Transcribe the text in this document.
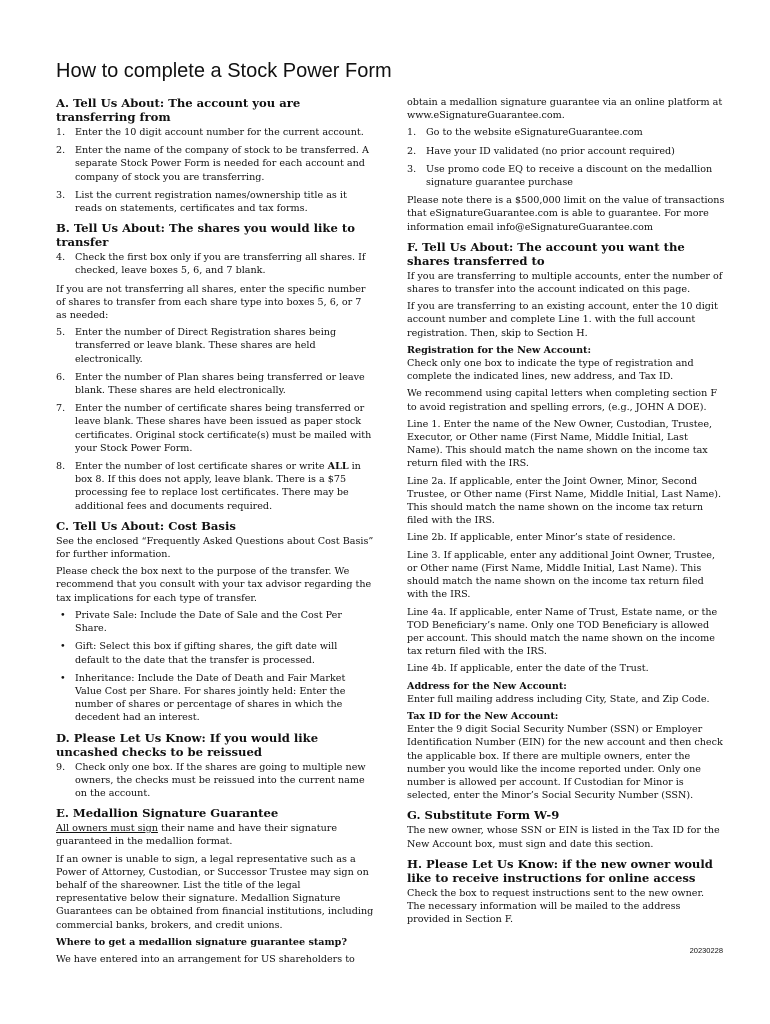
How to complete a Stock Power Form
A. Tell Us About: The account you are transferring from
1. Enter the 10 digit account number for the current account.
2. Enter the name of the company of stock to be transferred. A separate Stock Power Form is needed for each account and company of stock you are transferring.
3. List the current registration names/ownership title as it reads on statements, certificates and tax forms.
B. Tell Us About: The shares you would like to transfer
4. Check the first box only if you are transferring all shares. If checked, leave boxes 5, 6, and 7 blank.

If you are not transferring all shares, enter the specific number of shares to transfer from each share type into boxes 5, 6, or 7 as needed:

5. Enter the number of Direct Registration shares being transferred or leave blank. These shares are held electronically.
6. Enter the number of Plan shares being transferred or leave blank. These shares are held electronically.
7. Enter the number of certificate shares being transferred or leave blank. These shares have been issued as paper stock certificates. Original stock certificate(s) must be mailed with your Stock Power Form.
8. Enter the number of lost certificate shares or write ALL in box 8. If this does not apply, leave blank. There is a $75 processing fee to replace lost certificates. There may be additional fees and documents required.
C. Tell Us About: Cost Basis

See the enclosed “Frequently Asked Questions about Cost Basis” for further information.

Please check the box next to the purpose of the transfer. We recommend that you consult with your tax advisor regarding the tax implications for each type of transfer.

• Private Sale: Include the Date of Sale and the Cost Per Share.
• Gift: Select this box if gifting shares, the gift date will default to the date that the transfer is processed.
• Inheritance: Include the Date of Death and Fair Market Value Cost per Share. For shares jointly held: Enter the number of shares or percentage of shares in which the decedent had an interest.
D. Please Let Us Know: If you would like uncashed checks to be reissued
9. Check only one box. If the shares are going to multiple new owners, the checks must be reissued into the current name on the account.
E. Medallion Signature Guarantee

All owners must sign their name and have their signature guaranteed in the medallion format.

If an owner is unable to sign, a legal representative such as a Power of Attorney, Custodian, or Successor Trustee may sign on behalf of the shareowner. List the title of the legal representative below their signature. Medallion Signature Guarantees can be obtained from financial institutions, including commercial banks, brokers, and credit unions.

Where to get a medallion signature guarantee stamp?

We have entered into an arrangement for US shareholders to

obtain a medallion signature guarantee via an online platform at www.eSignatureGuarantee.com.

1. Go to the website eSignatureGuarantee.com
2. Have your ID validated (no prior account required)
3. Use promo code EQ to receive a discount on the medallion signature guarantee purchase

Please note there is a $500,000 limit on the value of transactions that eSignatureGuarantee.com is able to guarantee. For more information email info@eSignatureGuarantee.com

F. Tell Us About: The account you want the shares transferred to

If you are transferring to multiple accounts, enter the number of shares to transfer into the account indicated on this page.

If you are transferring to an existing account, enter the 10 digit account number and complete Line 1. with the full account registration. Then, skip to Section H.

Registration for the New Account:

Check only one box to indicate the type of registration and complete the indicated lines, new address, and Tax ID.

We recommend using capital letters when completing section F to avoid registration and spelling errors, (e.g., JOHN A DOE).

Line 1. Enter the name of the New Owner, Custodian, Trustee, Executor, or Other name (First Name, Middle Initial, Last Name). This should match the name shown on the income tax return filed with the IRS.

Line 2a. If applicable, enter the Joint Owner, Minor, Second Trustee, or Other name (First Name, Middle Initial, Last Name). This should match the name shown on the income tax return filed with the IRS.

Line 2b. If applicable, enter Minor’s state of residence.

Line 3. If applicable, enter any additional Joint Owner, Trustee, or Other name (First Name, Middle Initial, Last Name). This should match the name shown on the income tax return filed with the IRS.

Line 4a. If applicable, enter Name of Trust, Estate name, or the TOD Beneficiary’s name. Only one TOD Beneficiary is allowed per account. This should match the name shown on the income tax return filed with the IRS.

Line 4b. If applicable, enter the date of the Trust.

Address for the New Account:

Enter full mailing address including City, State, and Zip Code.

Tax ID for the New Account:

Enter the 9 digit Social Security Number (SSN) or Employer Identification Number (EIN) for the new account and then check the applicable box. If there are multiple owners, enter the number you would like the income reported under. Only one number is allowed per account. If Custodian for Minor is selected, enter the Minor’s Social Security Number (SSN).

G. Substitute Form W-9

The new owner, whose SSN or EIN is listed in the Tax ID for the New Account box, must sign and date this section.

H. Please Let Us Know: if the new owner would like to receive instructions for online access

Check the box to request instructions sent to the new owner. The necessary information will be mailed to the address provided in Section F.

20230228
